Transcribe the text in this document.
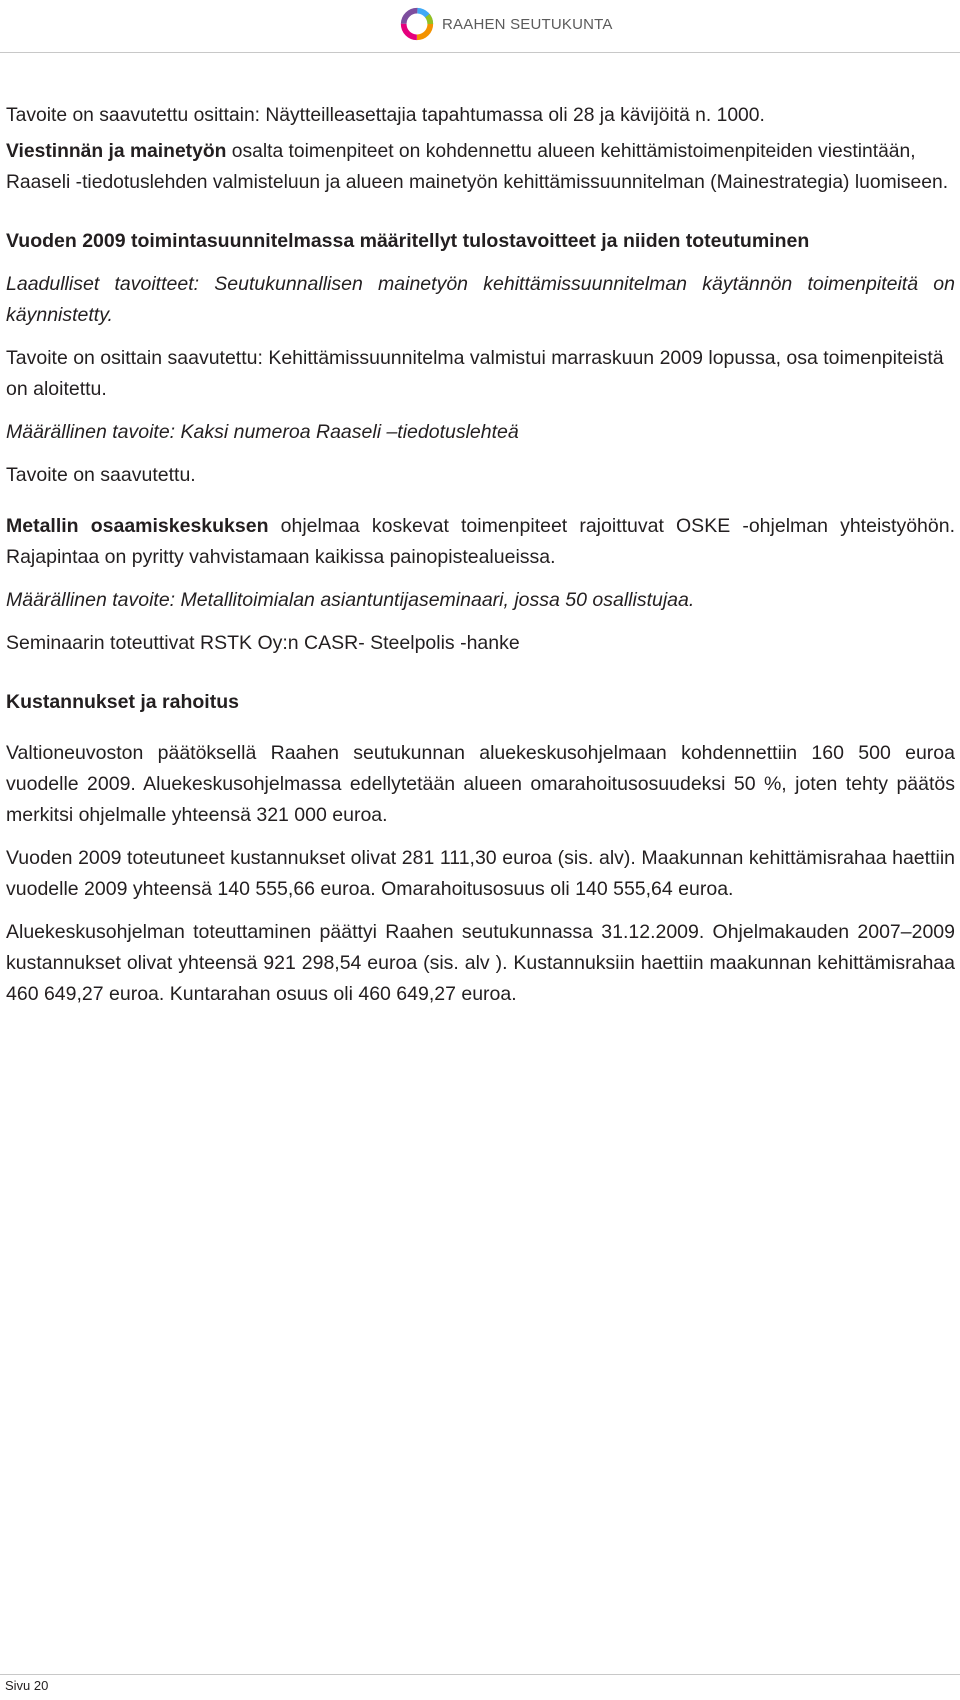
RAAHEN SEUTUKUNTA

Tavoite on saavutettu osittain: Näytteilleasettajia tapahtumassa oli 28 ja kävijöitä n. 1000.

Viestinnän ja mainetyön osalta toimenpiteet on kohdennettu alueen kehittämistoimenpiteiden viestintään, Raaseli -tiedotuslehden valmisteluun ja alueen mainetyön kehittämissuunnitelman (Mainestrategia) luomiseen.

Vuoden 2009 toimintasuunnitelmassa määritellyt tulostavoitteet ja niiden toteutuminen

Laadulliset tavoitteet: Seutukunnallisen mainetyön kehittämissuunnitelman käytännön toimenpiteitä on käynnistetty.

Tavoite on osittain saavutettu: Kehittämissuunnitelma valmistui marraskuun 2009 lopussa, osa toimenpiteistä on aloitettu.

Määrällinen tavoite: Kaksi numeroa Raaseli –tiedotuslehteä

Tavoite on saavutettu.

Metallin osaamiskeskuksen ohjelmaa koskevat toimenpiteet rajoittuvat OSKE -ohjelman yhteistyöhön. Rajapintaa on pyritty vahvistamaan kaikissa painopistealueissa.

Määrällinen tavoite: Metallitoimialan asiantuntijaseminaari, jossa 50 osallistujaa.

Seminaarin toteuttivat RSTK Oy:n CASR- Steelpolis -hanke

Kustannukset ja rahoitus

Valtioneuvoston päätöksellä Raahen seutukunnan aluekeskusohjelmaan kohdennettiin 160 500 euroa vuodelle 2009. Aluekeskusohjelmassa edellytetään alueen omarahoitusosuudeksi 50 %, joten tehty päätös merkitsi ohjelmalle yhteensä 321 000 euroa.

Vuoden 2009 toteutuneet kustannukset olivat 281 111,30 euroa (sis. alv). Maakunnan kehittämisrahaa haettiin vuodelle 2009 yhteensä 140 555,66 euroa. Omarahoitusosuus oli 140 555,64 euroa.

Aluekeskusohjelman toteuttaminen päättyi Raahen seutukunnassa 31.12.2009. Ohjelmakauden 2007–2009 kustannukset olivat yhteensä 921 298,54 euroa (sis. alv ). Kustannuksiin haettiin maakunnan kehittämisrahaa 460 649,27 euroa. Kuntarahan osuus oli 460 649,27 euroa.

Sivu 20
